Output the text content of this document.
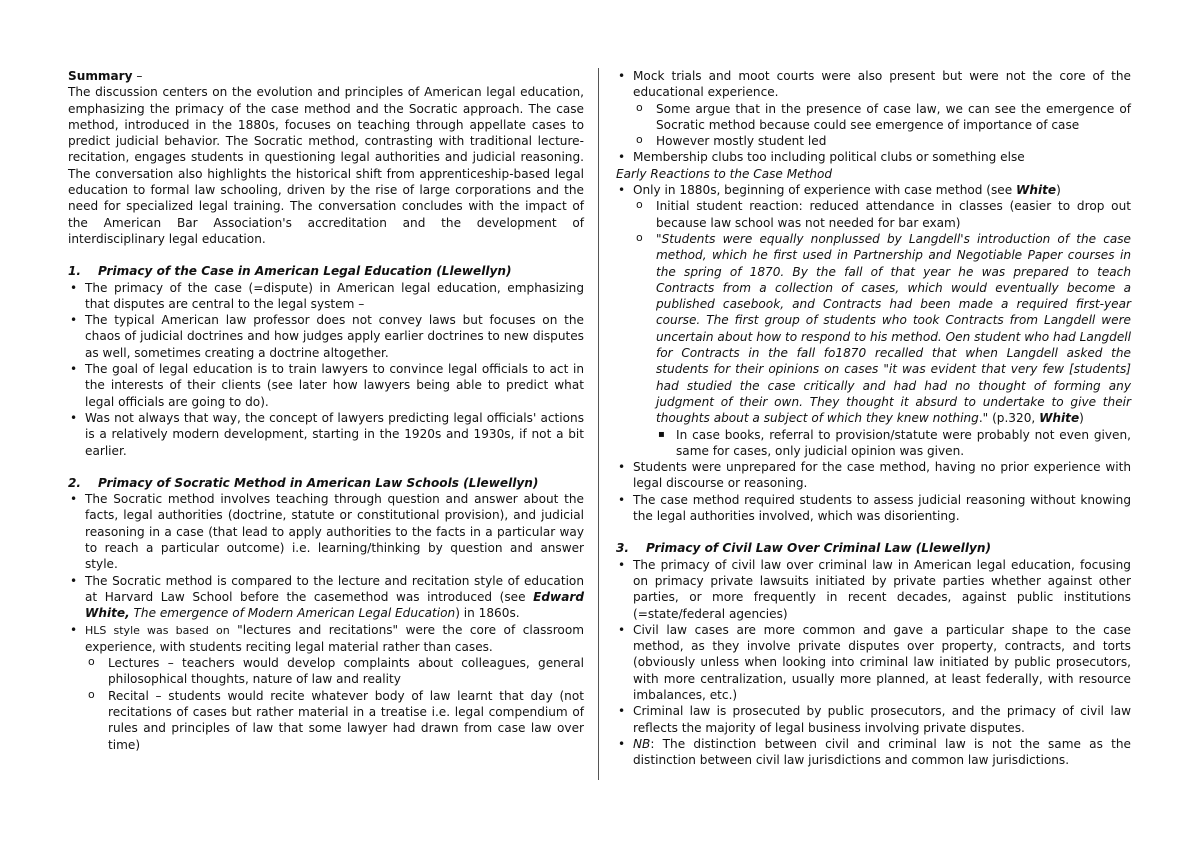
Summary –

The discussion centers on the evolution and principles of American legal education, emphasizing the primacy of the case method and the Socratic approach. The case method, introduced in the 1880s, focuses on teaching through appellate cases to predict judicial behavior. The Socratic method, contrasting with traditional lecture-recitation, engages students in questioning legal authorities and judicial reasoning. The conversation also highlights the historical shift from apprenticeship-based legal education to formal law schooling, driven by the rise of large corporations and the need for specialized legal training. The conversation concludes with the impact of the American Bar Association's accreditation and the development of interdisciplinary legal education.

1.	Primacy of the Case in American Legal Education (Llewellyn)
• The primacy of the case (=dispute) in American legal education, emphasizing that disputes are central to the legal system –
• The typical American law professor does not convey laws but focuses on the chaos of judicial doctrines and how judges apply earlier doctrines to new disputes as well, sometimes creating a doctrine altogether.
• The goal of legal education is to train lawyers to convince legal officials to act in the interests of their clients (see later how lawyers being able to predict what legal officials are going to do).
• Was not always that way, the concept of lawyers predicting legal officials' actions is a relatively modern development, starting in the 1920s and 1930s, if not a bit earlier.
2.	Primacy of Socratic Method in American Law Schools (Llewellyn)
• The Socratic method involves teaching through question and answer about the facts, legal authorities (doctrine, statute or constitutional provision), and judicial reasoning in a case (that lead to apply authorities to the facts in a particular way to reach a particular outcome) i.e. learning/thinking by question and answer style.
• The Socratic method is compared to the lecture and recitation style of education at Harvard Law School before the casemethod was introduced (see Edward White, The emergence of Modern American Legal Education) in 1860s.
• HLS style was based on "lectures and recitations" were the core of classroom experience, with students reciting legal material rather than cases.
o Lectures – teachers would develop complaints about colleagues, general philosophical thoughts, nature of law and reality
o Recital – students would recite whatever body of law learnt that day (not recitations of cases but rather material in a treatise i.e. legal compendium of rules and principles of law that some lawyer had drawn from case law over time)
• Mock trials and moot courts were also present but were not the core of the educational experience.
o Some argue that in the presence of case law, we can see the emergence of Socratic method because could see emergence of importance of case
o However mostly student led
• Membership clubs too including political clubs or something else

Early Reactions to the Case Method

• Only in 1880s, beginning of experience with case method (see White)
o Initial student reaction: reduced attendance in classes (easier to drop out because law school was not needed for bar exam)
o "Students were equally nonplussed by Langdell's introduction of the case method, which he first used in Partnership and Negotiable Paper courses in the spring of 1870. By the fall of that year he was prepared to teach Contracts from a collection of cases, which would eventually become a published casebook, and Contracts had been made a required first-year course. The first group of students who took Contracts from Langdell were uncertain about how to respond to his method. Oen student who had Langdell for Contracts in the fall fo1870 recalled that when Langdell asked the students for their opinions on cases "it was evident that very few [students] had studied the case critically and had had no thought of forming any judgment of their own. They thought it absurd to undertake to give their thoughts about a subject of which they knew nothing." (p.320, White)
▪ In case books, referral to provision/statute were probably not even given, same for cases, only judicial opinion was given.
• Students were unprepared for the case method, having no prior experience with legal discourse or reasoning.
• The case method required students to assess judicial reasoning without knowing the legal authorities involved, which was disorienting.
3.	Primacy of Civil Law Over Criminal Law (Llewellyn)
• The primacy of civil law over criminal law in American legal education, focusing on primacy private lawsuits initiated by private parties whether against other parties, or more frequently in recent decades, against public institutions (=state/federal agencies)
• Civil law cases are more common and gave a particular shape to the case method, as they involve private disputes over property, contracts, and torts (obviously unless when looking into criminal law initiated by public prosecutors, with more centralization, usually more planned, at least federally, with resource imbalances, etc.)
• Criminal law is prosecuted by public prosecutors, and the primacy of civil law reflects the majority of legal business involving private disputes.
• NB: The distinction between civil and criminal law is not the same as the distinction between civil law jurisdictions and common law jurisdictions.
